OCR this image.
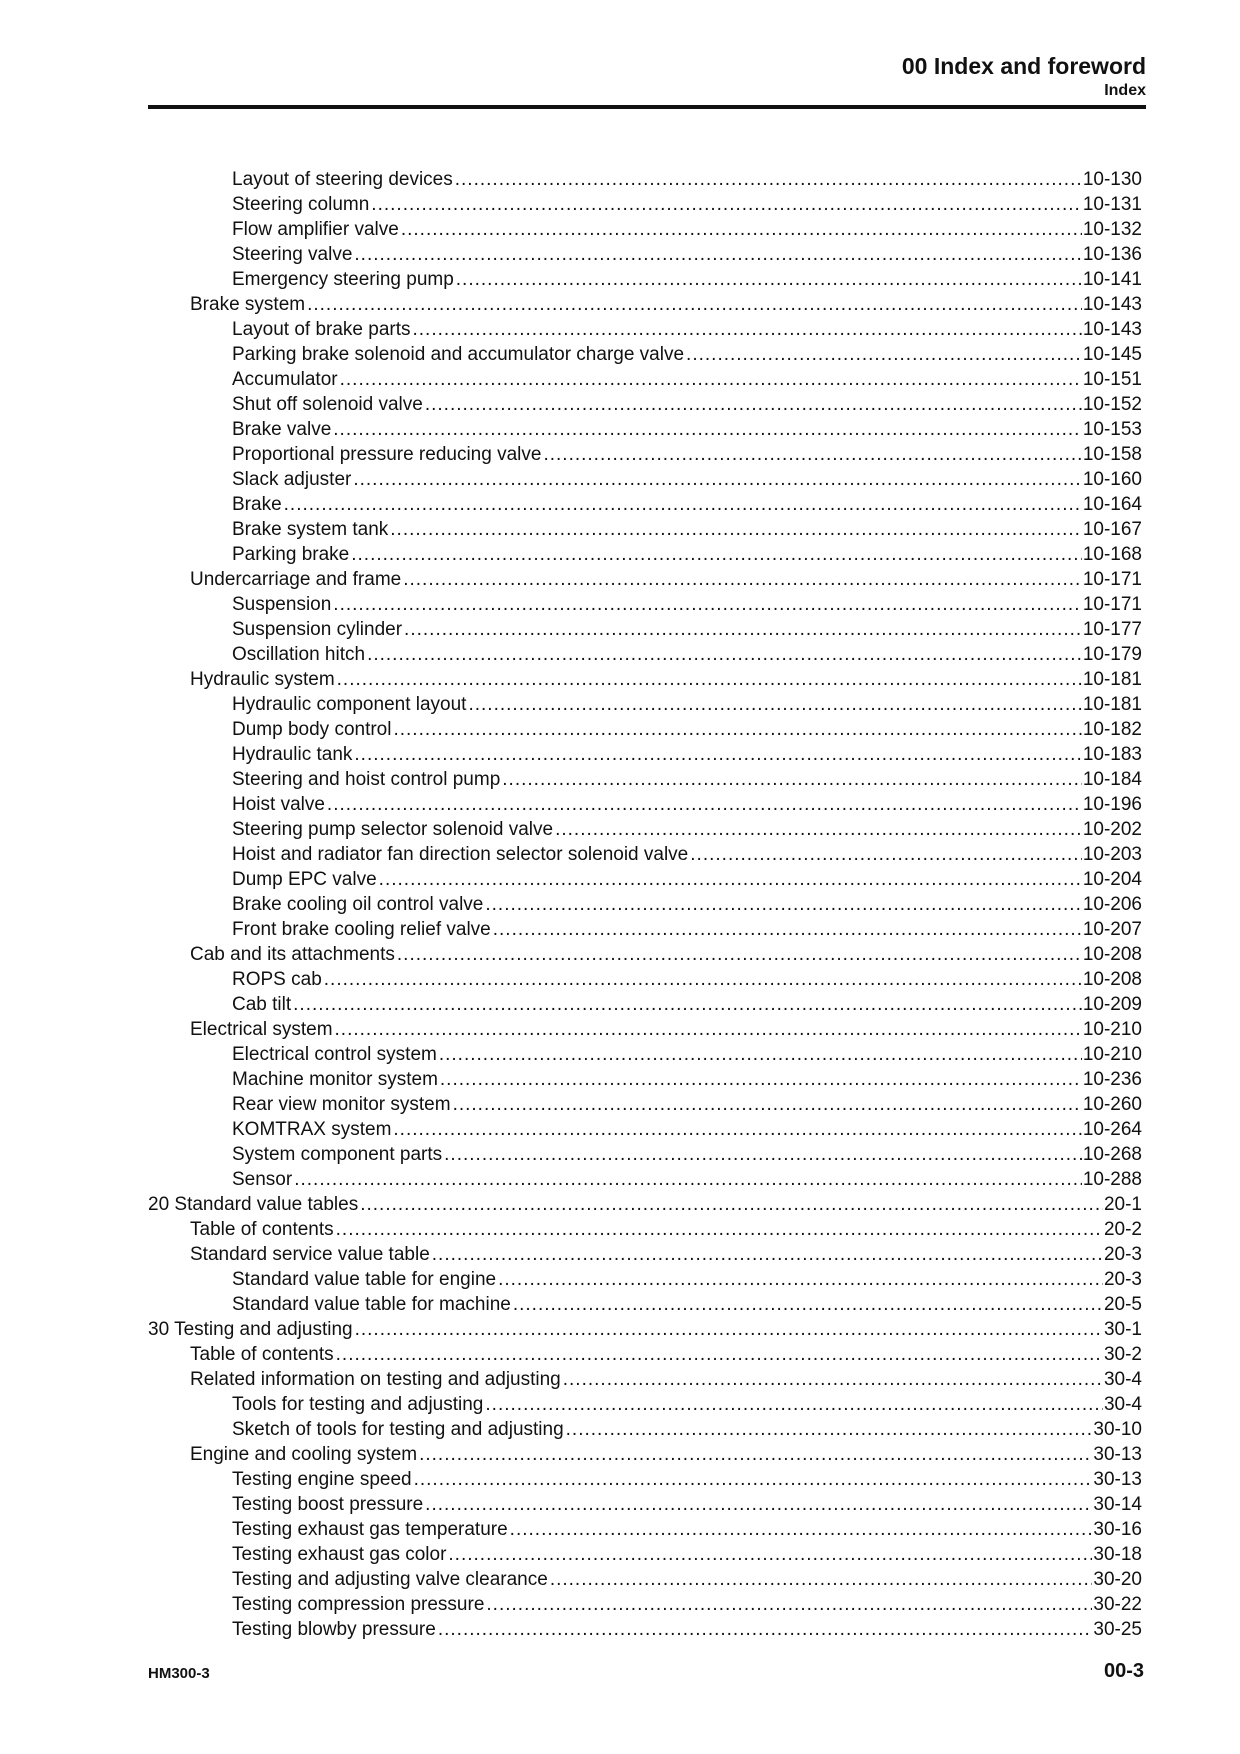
00 Index and foreword
Index
Layout of steering devices .....	10-130
Steering column .....	10-131
Flow amplifier valve .....	10-132
Steering valve .....	10-136
Emergency steering pump .....	10-141
Brake system .....	10-143
Layout of brake parts .....	10-143
Parking brake solenoid and accumulator charge valve .....	10-145
Accumulator .....	10-151
Shut off solenoid valve .....	10-152
Brake valve .....	10-153
Proportional pressure reducing valve .....	10-158
Slack adjuster .....	10-160
Brake .....	10-164
Brake system tank .....	10-167
Parking brake .....	10-168
Undercarriage and frame .....	10-171
Suspension .....	10-171
Suspension cylinder .....	10-177
Oscillation hitch .....	10-179
Hydraulic system .....	10-181
Hydraulic component layout .....	10-181
Dump body control .....	10-182
Hydraulic tank .....	10-183
Steering and hoist control pump .....	10-184
Hoist valve .....	10-196
Steering pump selector solenoid valve .....	10-202
Hoist and radiator fan direction selector solenoid valve .....	10-203
Dump EPC valve .....	10-204
Brake cooling oil control valve .....	10-206
Front brake cooling relief valve .....	10-207
Cab and its attachments .....	10-208
ROPS cab .....	10-208
Cab tilt .....	10-209
Electrical system .....	10-210
Electrical control system .....	10-210
Machine monitor system .....	10-236
Rear view monitor system .....	10-260
KOMTRAX system .....	10-264
System component parts .....	10-268
Sensor .....	10-288
20 Standard value tables .....	20-1
Table of contents .....	20-2
Standard service value table .....	20-3
Standard value table for engine .....	20-3
Standard value table for machine .....	20-5
30 Testing and adjusting .....	30-1
Table of contents .....	30-2
Related information on testing and adjusting .....	30-4
Tools for testing and adjusting .....	30-4
Sketch of tools for testing and adjusting .....	30-10
Engine and cooling system .....	30-13
Testing engine speed .....	30-13
Testing boost pressure .....	30-14
Testing exhaust gas temperature .....	30-16
Testing exhaust gas color .....	30-18
Testing and adjusting valve clearance .....	30-20
Testing compression pressure .....	30-22
Testing blowby pressure .....	30-25
HM300-3	00-3
